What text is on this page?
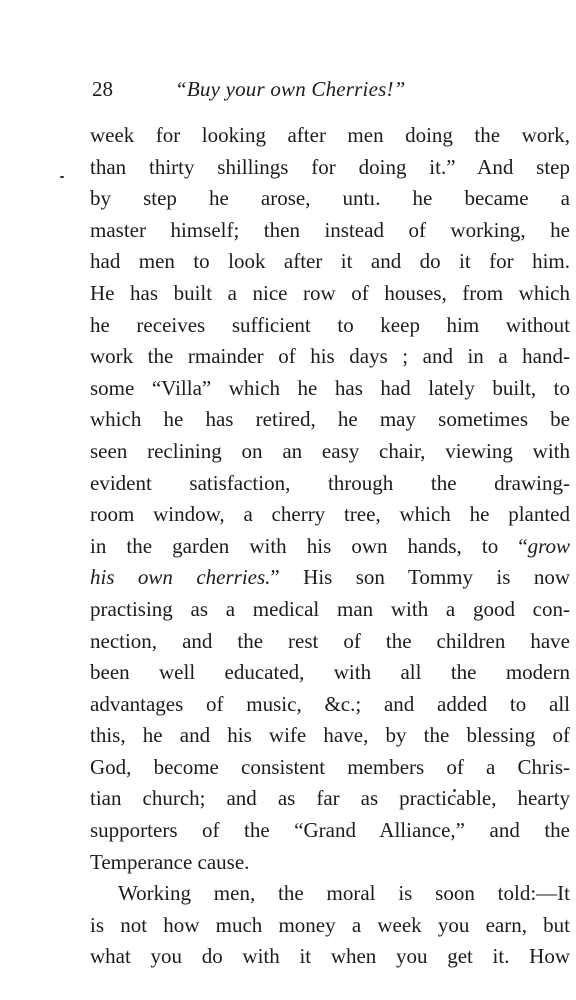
28	“Buy your own Cherries!”
week for looking after men doing the work,
than thirty shillings for doing it.” And step
by step he arose, untı. he became a
master himself; then instead of working, he
had men to look after it and do it for him.
He has built a nice row of houses, from which
he receives sufficient to keep him without
work the rmainder of his days ; and in a hand-
some “Villa” which he has had lately built, to
which he has retired, he may sometimes be
seen reclining on an easy chair, viewing with
evident satisfaction, through the drawing-
room window, a cherry tree, which he planted
in the garden with his own hands, to “grow
his own cherries.” His son Tommy is now
practising as a medical man with a good con-
nection, and the rest of the children have
been well educated, with all the modern
advantages of music, &c.; and added to all
this, he and his wife have, by the blessing of
God, become consistent members of a Chris-
tian church; and as far as practicable, hearty
supporters of the “Grand Alliance,” and the
Temperance cause.
Working men, the moral is soon told:—It
is not how much money a week you earn, but
what you do with it when you get it. How
